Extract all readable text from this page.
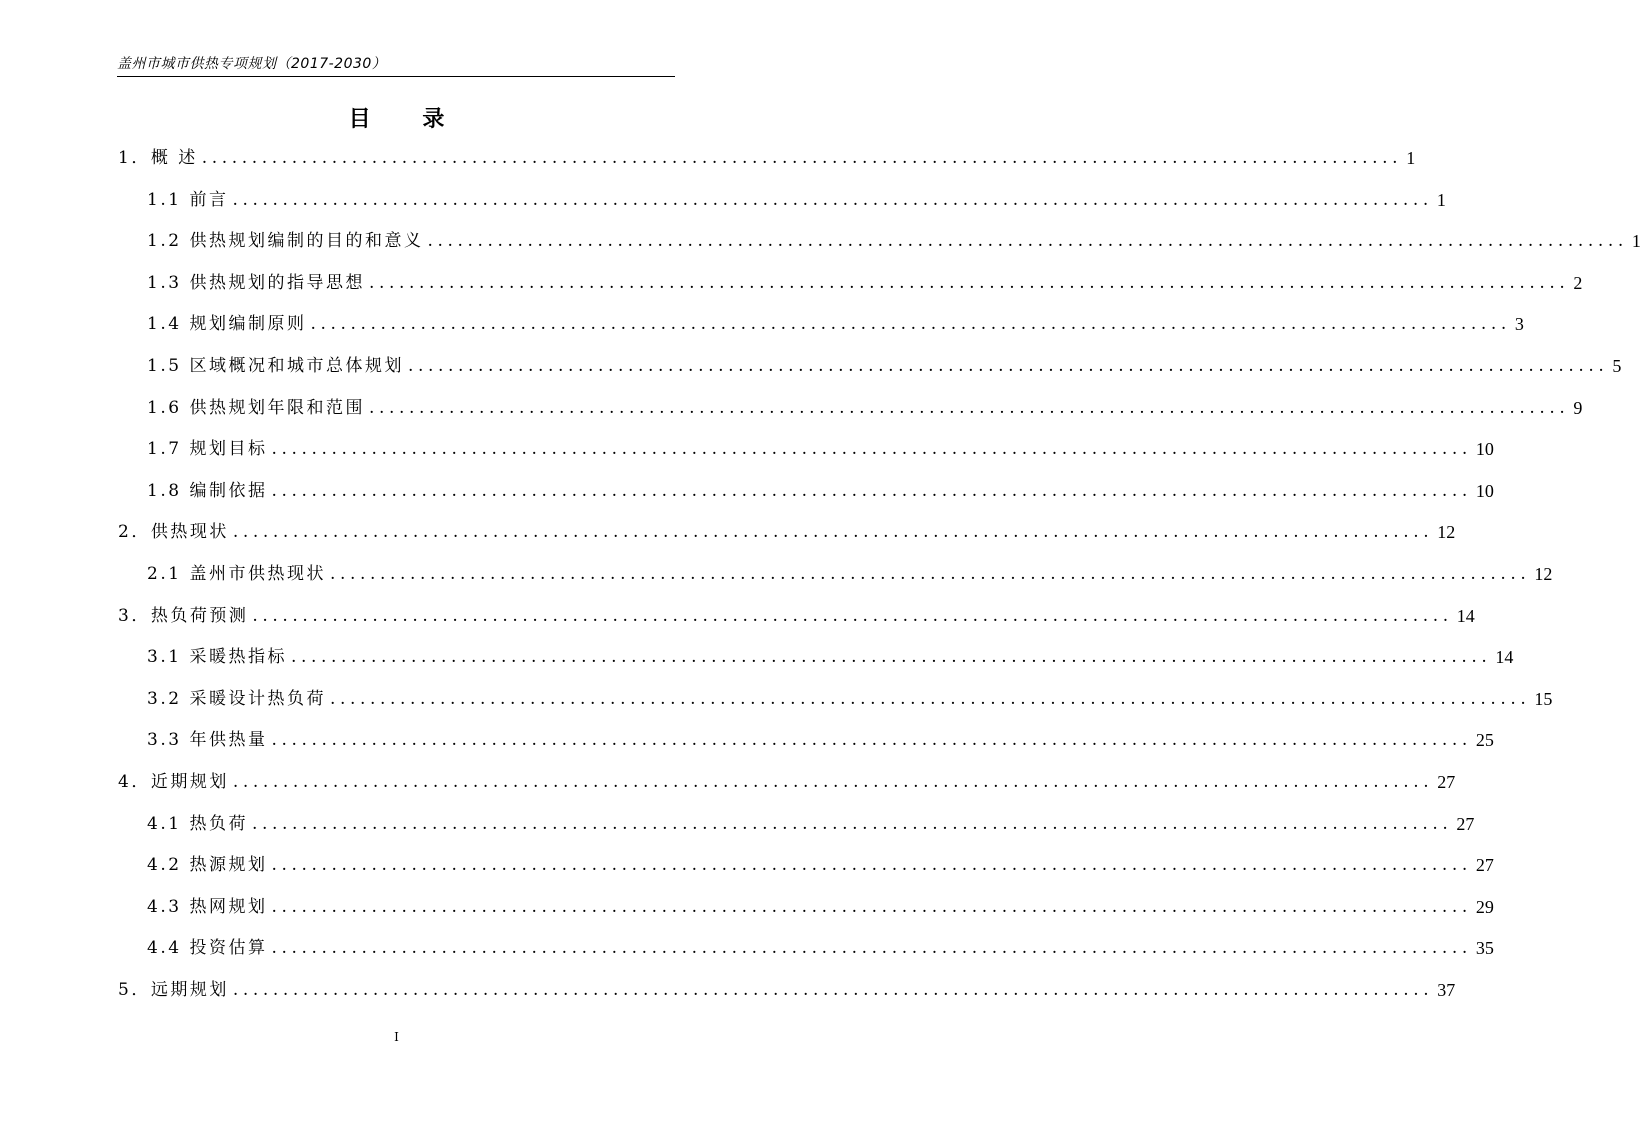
盖州市城市供热专项规划（2017-2030）
目 录
1．概 述 ........................................................................................................................ 1
1.1 前言 ........................................................................................................................ 1
1.2 供热规划编制的目的和意义 ........................................................................................................................ 1
1.3 供热规划的指导思想 ........................................................................................................................ 2
1.4 规划编制原则 ........................................................................................................................ 3
1.5 区域概况和城市总体规划 ........................................................................................................................ 5
1.6 供热规划年限和范围 ........................................................................................................................ 9
1.7 规划目标 ........................................................................................................................ 10
1.8 编制依据 ........................................................................................................................ 10
2．供热现状 ........................................................................................................................ 12
2.1 盖州市供热现状 ........................................................................................................................ 12
3．热负荷预测 ........................................................................................................................ 14
3.1 采暖热指标 ........................................................................................................................ 14
3.2 采暖设计热负荷 ........................................................................................................................ 15
3.3 年供热量 ........................................................................................................................ 25
4．近期规划 ........................................................................................................................ 27
4.1 热负荷 ........................................................................................................................ 27
4.2 热源规划 ........................................................................................................................ 27
4.3 热网规划 ........................................................................................................................ 29
4.4 投资估算 ........................................................................................................................ 35
5．远期规划 ........................................................................................................................ 37
I
